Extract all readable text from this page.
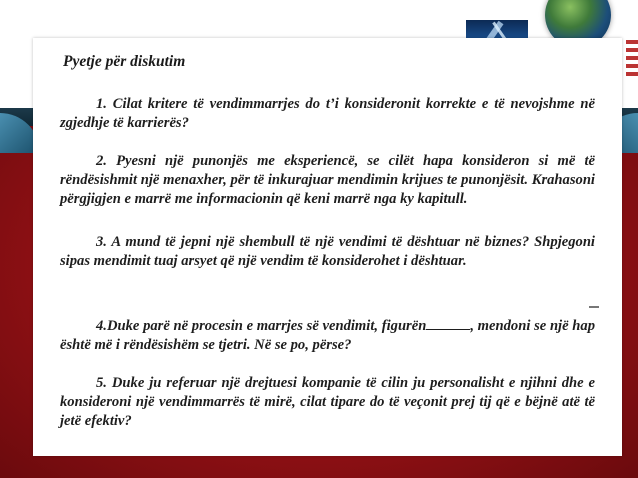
Pyetje për diskutim

1. Cilat kritere të vendimmarrjes do t’i konsideronit korrekte e të nevojshme në zgjedhje të karrierës?

2. Pyesni një punonjës me eksperiencë, se cilët hapa konsideron si më të rëndësishmit një menaxher, për të inkurajuar mendimin krijues te punonjësit. Krahasoni përgjigjen e marrë me informacionin që keni marrë nga ky kapitull.

3. A mund të jepni një shembull të një vendimi të dështuar në biznes? Shpjegoni sipas mendimit tuaj arsyet që një vendim të konsiderohet i dështuar.

4.Duke parë në procesin e marrjes së vendimit, figurën	, mendoni se një hap është më i rëndësishëm se tjetri. Në se po, përse?

5. Duke ju referuar një drejtuesi kompanie të cilin ju personalisht e njihni dhe e konsideroni një vendimmarrës të mirë, cilat tipare do të veçonit prej tij që e bëjnë atë të jetë efektiv?
